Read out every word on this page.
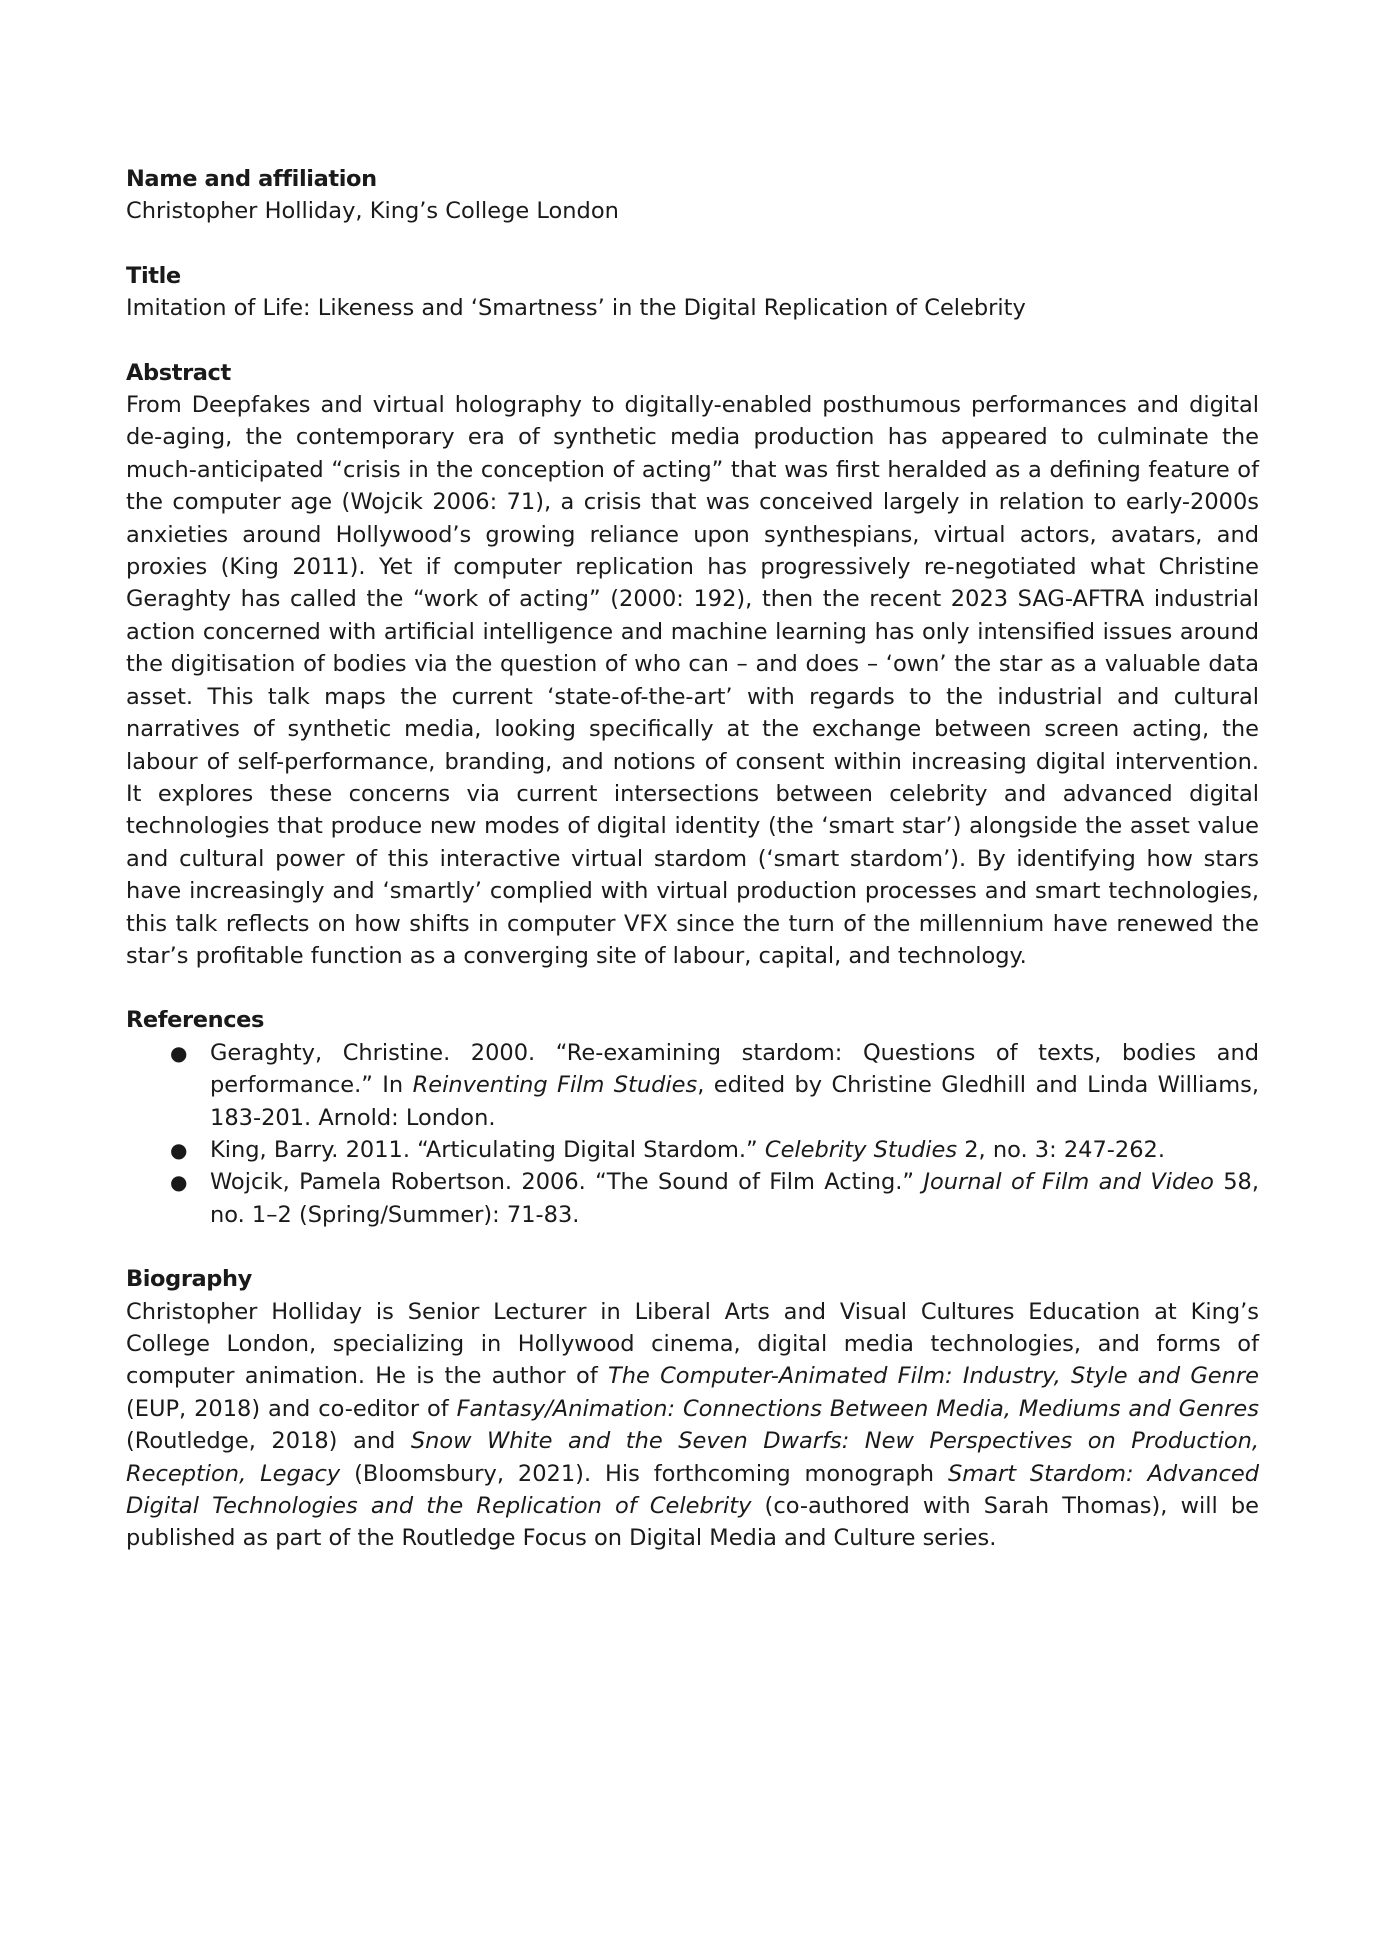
Name and affiliation

Christopher Holliday, King’s College London

Title

Imitation of Life: Likeness and ‘Smartness’ in the Digital Replication of Celebrity

Abstract

From Deepfakes and virtual holography to digitally-enabled posthumous performances and digital de-aging, the contemporary era of synthetic media production has appeared to culminate the much-anticipated “crisis in the conception of acting” that was first heralded as a defining feature of the computer age (Wojcik 2006: 71), a crisis that was conceived largely in relation to early-2000s anxieties around Hollywood’s growing reliance upon synthespians, virtual actors, avatars, and proxies (King 2011). Yet if computer replication has progressively re-negotiated what Christine Geraghty has called the “work of acting” (2000: 192), then the recent 2023 SAG-AFTRA industrial action concerned with artificial intelligence and machine learning has only intensified issues around the digitisation of bodies via the question of who can – and does – ‘own’ the star as a valuable data asset. This talk maps the current ‘state-of-the-art’ with regards to the industrial and cultural narratives of synthetic media, looking specifically at the exchange between screen acting, the labour of self-performance, branding, and notions of consent within increasing digital intervention. It explores these concerns via current intersections between celebrity and advanced digital technologies that produce new modes of digital identity (the ‘smart star’) alongside the asset value and cultural power of this interactive virtual stardom (‘smart stardom’). By identifying how stars have increasingly and ‘smartly’ complied with virtual production processes and smart technologies, this talk reflects on how shifts in computer VFX since the turn of the millennium have renewed the star’s profitable function as a converging site of labour, capital, and technology.

References

● Geraghty, Christine. 2000. “Re-examining stardom: Questions of texts, bodies and performance.” In Reinventing Film Studies, edited by Christine Gledhill and Linda Williams, 183-201. Arnold: London.
● King, Barry. 2011. “Articulating Digital Stardom.” Celebrity Studies 2, no. 3: 247-262.
● Wojcik, Pamela Robertson. 2006. “The Sound of Film Acting.” Journal of Film and Video 58, no. 1–2 (Spring/Summer): 71-83.

Biography

Christopher Holliday is Senior Lecturer in Liberal Arts and Visual Cultures Education at King’s College London, specializing in Hollywood cinema, digital media technologies, and forms of computer animation. He is the author of The Computer-Animated Film: Industry, Style and Genre (EUP, 2018) and co-editor of Fantasy/Animation: Connections Between Media, Mediums and Genres (Routledge, 2018) and Snow White and the Seven Dwarfs: New Perspectives on Production, Reception, Legacy (Bloomsbury, 2021). His forthcoming monograph Smart Stardom: Advanced Digital Technologies and the Replication of Celebrity (co-authored with Sarah Thomas), will be published as part of the Routledge Focus on Digital Media and Culture series.
